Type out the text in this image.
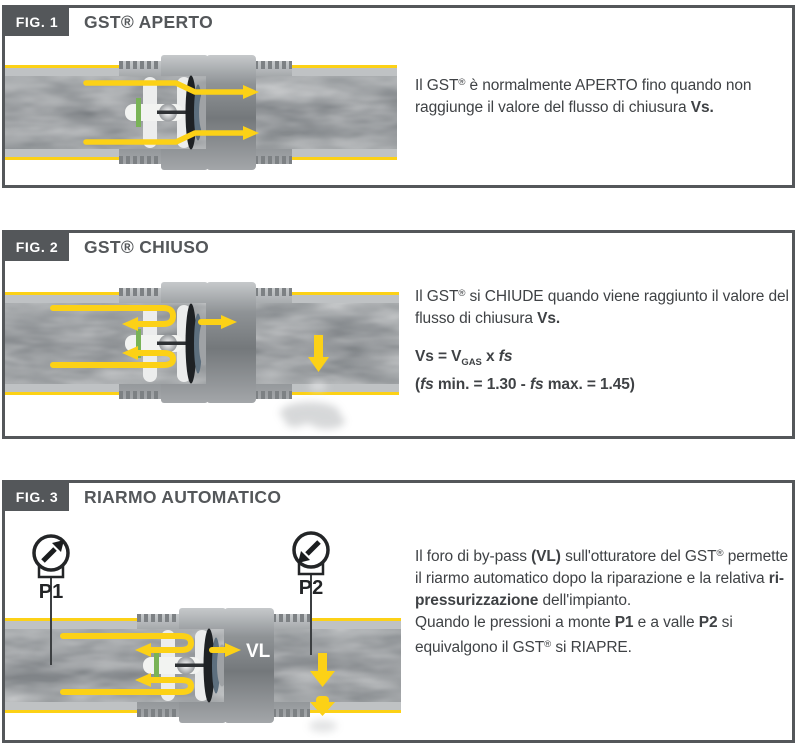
FIG. 1	GST® APERTO

Il GST® è normalmente APERTO fino quando non raggiunge il valore del flusso di chiusura Vs.

FIG. 2	GST® CHIUSO

Il GST® si CHIUDE quando viene raggiunto il valore del flusso di chiusura Vs.

$Vs = V_{GAS}$ x fs
(fs min. = 1.30 - fs max. = 1.45)

FIG. 3	RIARMO AUTOMATICO
P1	P2
VL

Il foro di by-pass (VL) sull'otturatore del GST® permette il riarmo automatico dopo la riparazione e la relativa ri-pressurizzazione dell'impianto.
Quando le pressioni a monte P1 e a valle P2 si equivalgono il GST® si RIAPRE.
